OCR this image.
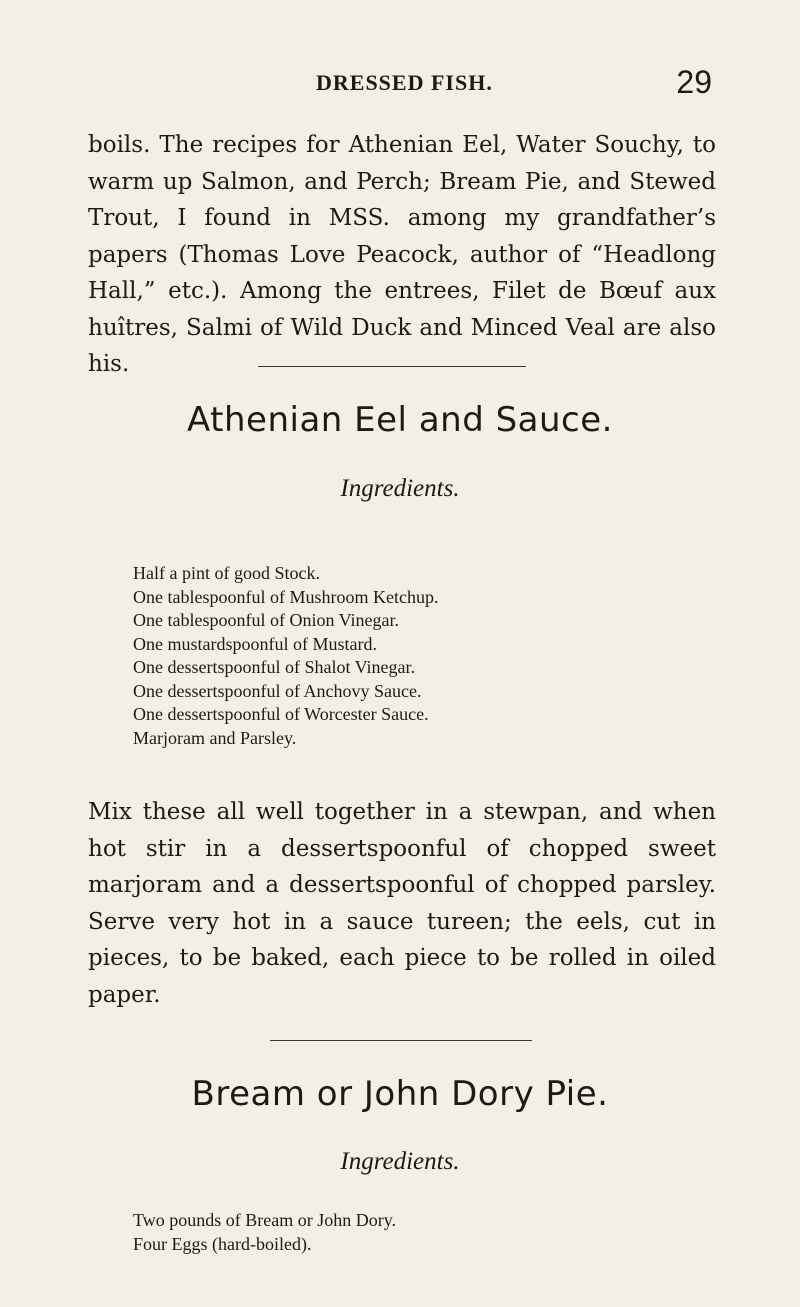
DRESSED FISH.	29

boils. The recipes for Athenian Eel, Water Souchy, to warm up Salmon, and Perch; Bream Pie, and Stewed Trout, I found in MSS. among my grandfather’s papers (Thomas Love Peacock, author of “Headlong Hall,” etc.). Among the entrees, Filet de Bœuf aux huîtres, Salmi of Wild Duck and Minced Veal are also his.

Athenian Eel and Sauce.
Ingredients.
Half a pint of good Stock.
One tablespoonful of Mushroom Ketchup.
One tablespoonful of Onion Vinegar.
One mustardspoonful of Mustard.
One dessertspoonful of Shalot Vinegar.
One dessertspoonful of Anchovy Sauce.
One dessertspoonful of Worcester Sauce.
Marjoram and Parsley.

Mix these all well together in a stewpan, and when hot stir in a dessertspoonful of chopped sweet marjoram and a dessertspoonful of chopped parsley. Serve very hot in a sauce tureen; the eels, cut in pieces, to be baked, each piece to be rolled in oiled paper.

Bream or John Dory Pie.
Ingredients.
Two pounds of Bream or John Dory.
Four Eggs (hard-boiled).
